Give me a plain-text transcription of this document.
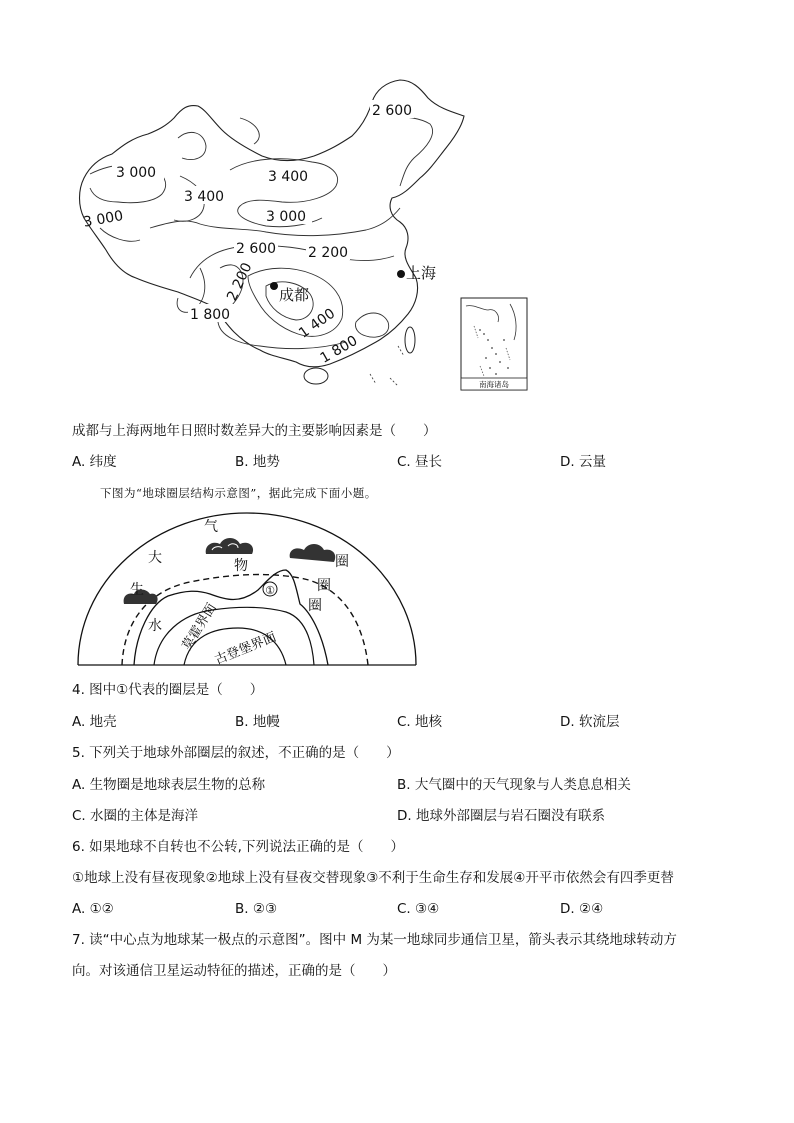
2 600
3 000	3 400
3 400
3 000
3 000
2 600 2 200
2 200
1 800	1 400
1 800
上海
成都
南海诸岛
成都与上海两地年日照时数差异大的主要影响因素是（　　）
A. 纬度	B. 地势	C. 昼长	D. 云量
下图为“地球圈层结构示意图”，据此完成下面小题。
气
大	物	圈
生	圈
①
圈
水 莫霍界面
古登堡界面
4. 图中①代表的圈层是（　　）
A. 地壳	B. 地幔	C. 地核	D. 软流层
5. 下列关于地球外部圈层的叙述，不正确的是（　　）
A. 生物圈是地球表层生物的总称	B. 大气圈中的天气现象与人类息息相关
C. 水圈的主体是海洋	D. 地球外部圈层与岩石圈没有联系
6. 如果地球不自转也不公转,下列说法正确的是（　　）
①地球上没有昼夜现象②地球上没有昼夜交替现象③不利于生命生存和发展④开平市依然会有四季更替
A. ①②	B. ②③	C. ③④	D. ②④
7. 读“中心点为地球某一极点的示意图”。图中 M 为某一地球同步通信卫星，箭头表示其绕地球转动方
向。对该通信卫星运动特征的描述，正确的是（　　）
